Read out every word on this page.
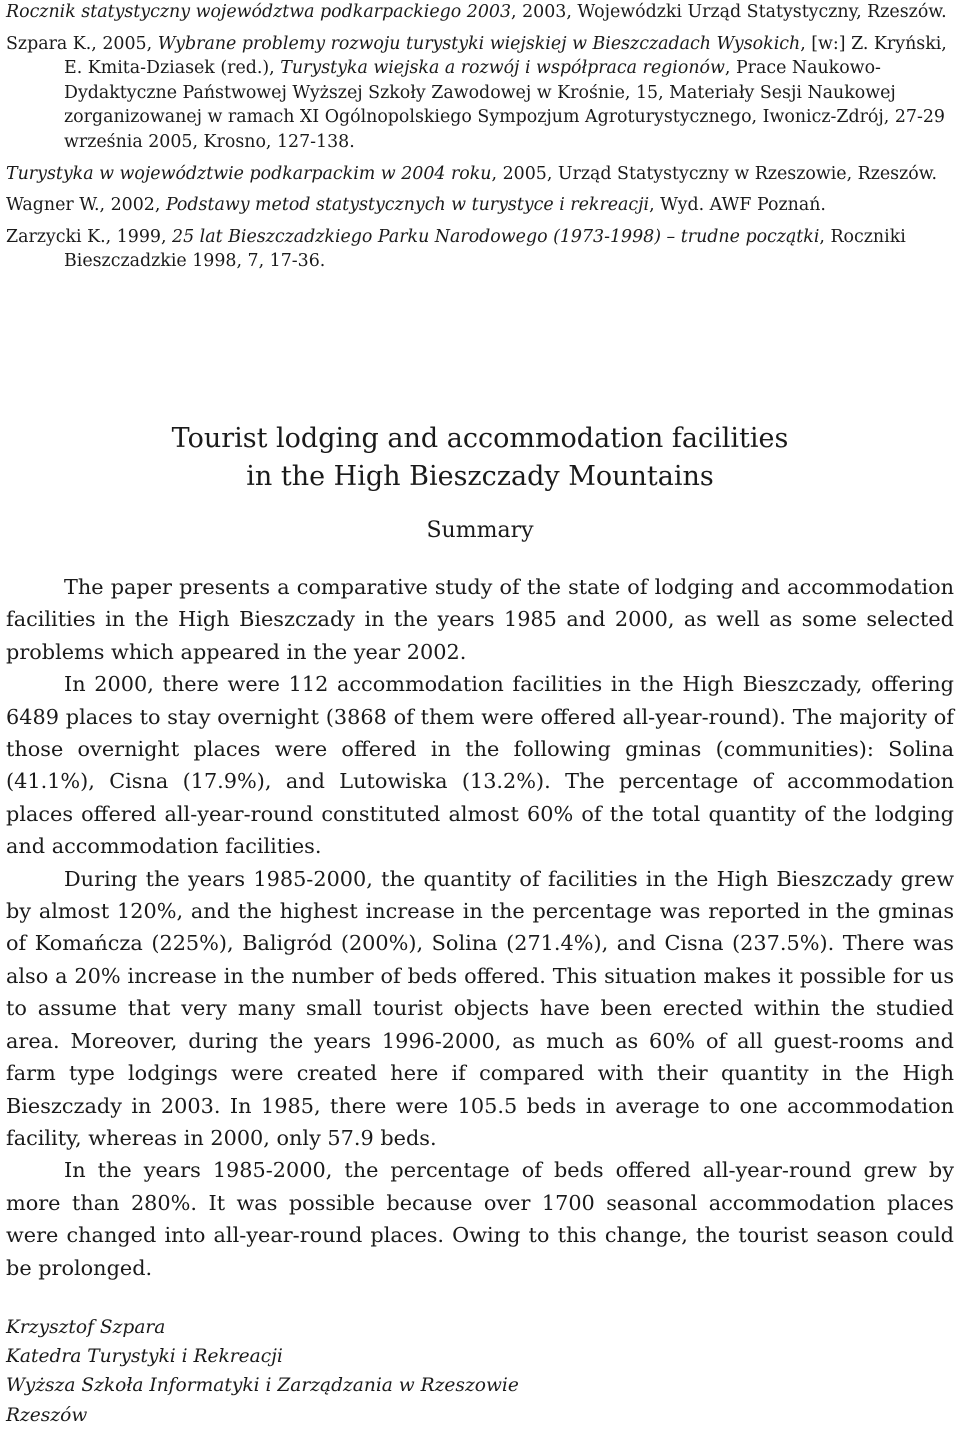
Rocznik statystyczny województwa podkarpackiego 2003, 2003, Wojewódzki Urząd Statystyczny, Rzeszów.
Szpara K., 2005, Wybrane problemy rozwoju turystyki wiejskiej w Bieszczadach Wysokich, [w:] Z. Kryński, E. Kmita-Dziasek (red.), Turystyka wiejska a rozwój i współpraca regionów, Prace Naukowo-Dydaktyczne Państwowej Wyższej Szkoły Zawodowej w Krośnie, 15, Materiały Sesji Naukowej zorganizowanej w ramach XI Ogólnopolskiego Sympozjum Agroturystycznego, Iwonicz-Zdrój, 27-29 września 2005, Krosno, 127-138.
Turystyka w województwie podkarpackim w 2004 roku, 2005, Urząd Statystyczny w Rzeszowie, Rzeszów.
Wagner W., 2002, Podstawy metod statystycznych w turystyce i rekreacji, Wyd. AWF Poznań.
Zarzycki K., 1999, 25 lat Bieszczadzkiego Parku Narodowego (1973-1998) – trudne początki, Roczniki Bieszczadzkie 1998, 7, 17-36.
Tourist lodging and accommodation facilities
in the High Bieszczady Mountains
Summary

The paper presents a comparative study of the state of lodging and accommodation facilities in the High Bieszczady in the years 1985 and 2000, as well as some selected problems which appeared in the year 2002.

In 2000, there were 112 accommodation facilities in the High Bieszczady, offering 6489 places to stay overnight (3868 of them were offered all-year-round). The majority of those overnight places were offered in the following gminas (communities): Solina (41.1%), Cisna (17.9%), and Lutowiska (13.2%). The percentage of accommodation places offered all-year-round constituted almost 60% of the total quantity of the lodging and accommodation facilities.

During the years 1985-2000, the quantity of facilities in the High Bieszczady grew by almost 120%, and the highest increase in the percentage was reported in the gminas of Komańcza (225%), Baligród (200%), Solina (271.4%), and Cisna (237.5%). There was also a 20% increase in the number of beds offered. This situation makes it possible for us to assume that very many small tourist objects have been erected within the studied area. Moreover, during the years 1996-2000, as much as 60% of all guest-rooms and farm type lodgings were created here if compared with their quantity in the High Bieszczady in 2003. In 1985, there were 105.5 beds in average to one accommodation facility, whereas in 2000, only 57.9 beds.

In the years 1985-2000, the percentage of beds offered all-year-round grew by more than 280%. It was possible because over 1700 seasonal accommodation places were changed into all-year-round places. Owing to this change, the tourist season could be prolonged.

Krzysztof Szpara
Katedra Turystyki i Rekreacji
Wyższa Szkoła Informatyki i Zarządzania w Rzeszowie
Rzeszów
